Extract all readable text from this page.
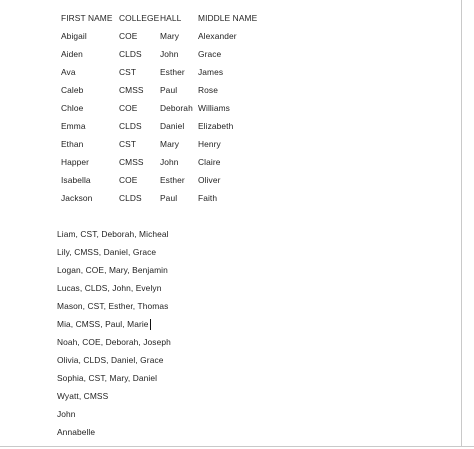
FIRST NAME	COLLEGE	HALL	MIDDLE NAME
Abigail	COE	Mary	Alexander
Aiden	CLDS	John	Grace
Ava	CST	Esther	James
Caleb	CMSS	Paul	Rose
Chloe	COE	Deborah	Williams
Emma	CLDS	Daniel	Elizabeth
Ethan	CST	Mary	Henry
Happer	CMSS	John	Claire
Isabella	COE	Esther	Oliver
Jackson	CLDS	Paul	Faith
Liam, CST, Deborah, Micheal
Lily, CMSS, Daniel, Grace
Logan, COE, Mary, Benjamin
Lucas, CLDS, John, Evelyn
Mason, CST, Esther, Thomas
Mia, CMSS, Paul, Marie
Noah, COE, Deborah, Joseph
Olivia, CLDS, Daniel, Grace
Sophia, CST, Mary, Daniel
Wyatt, CMSS
John
Annabelle
